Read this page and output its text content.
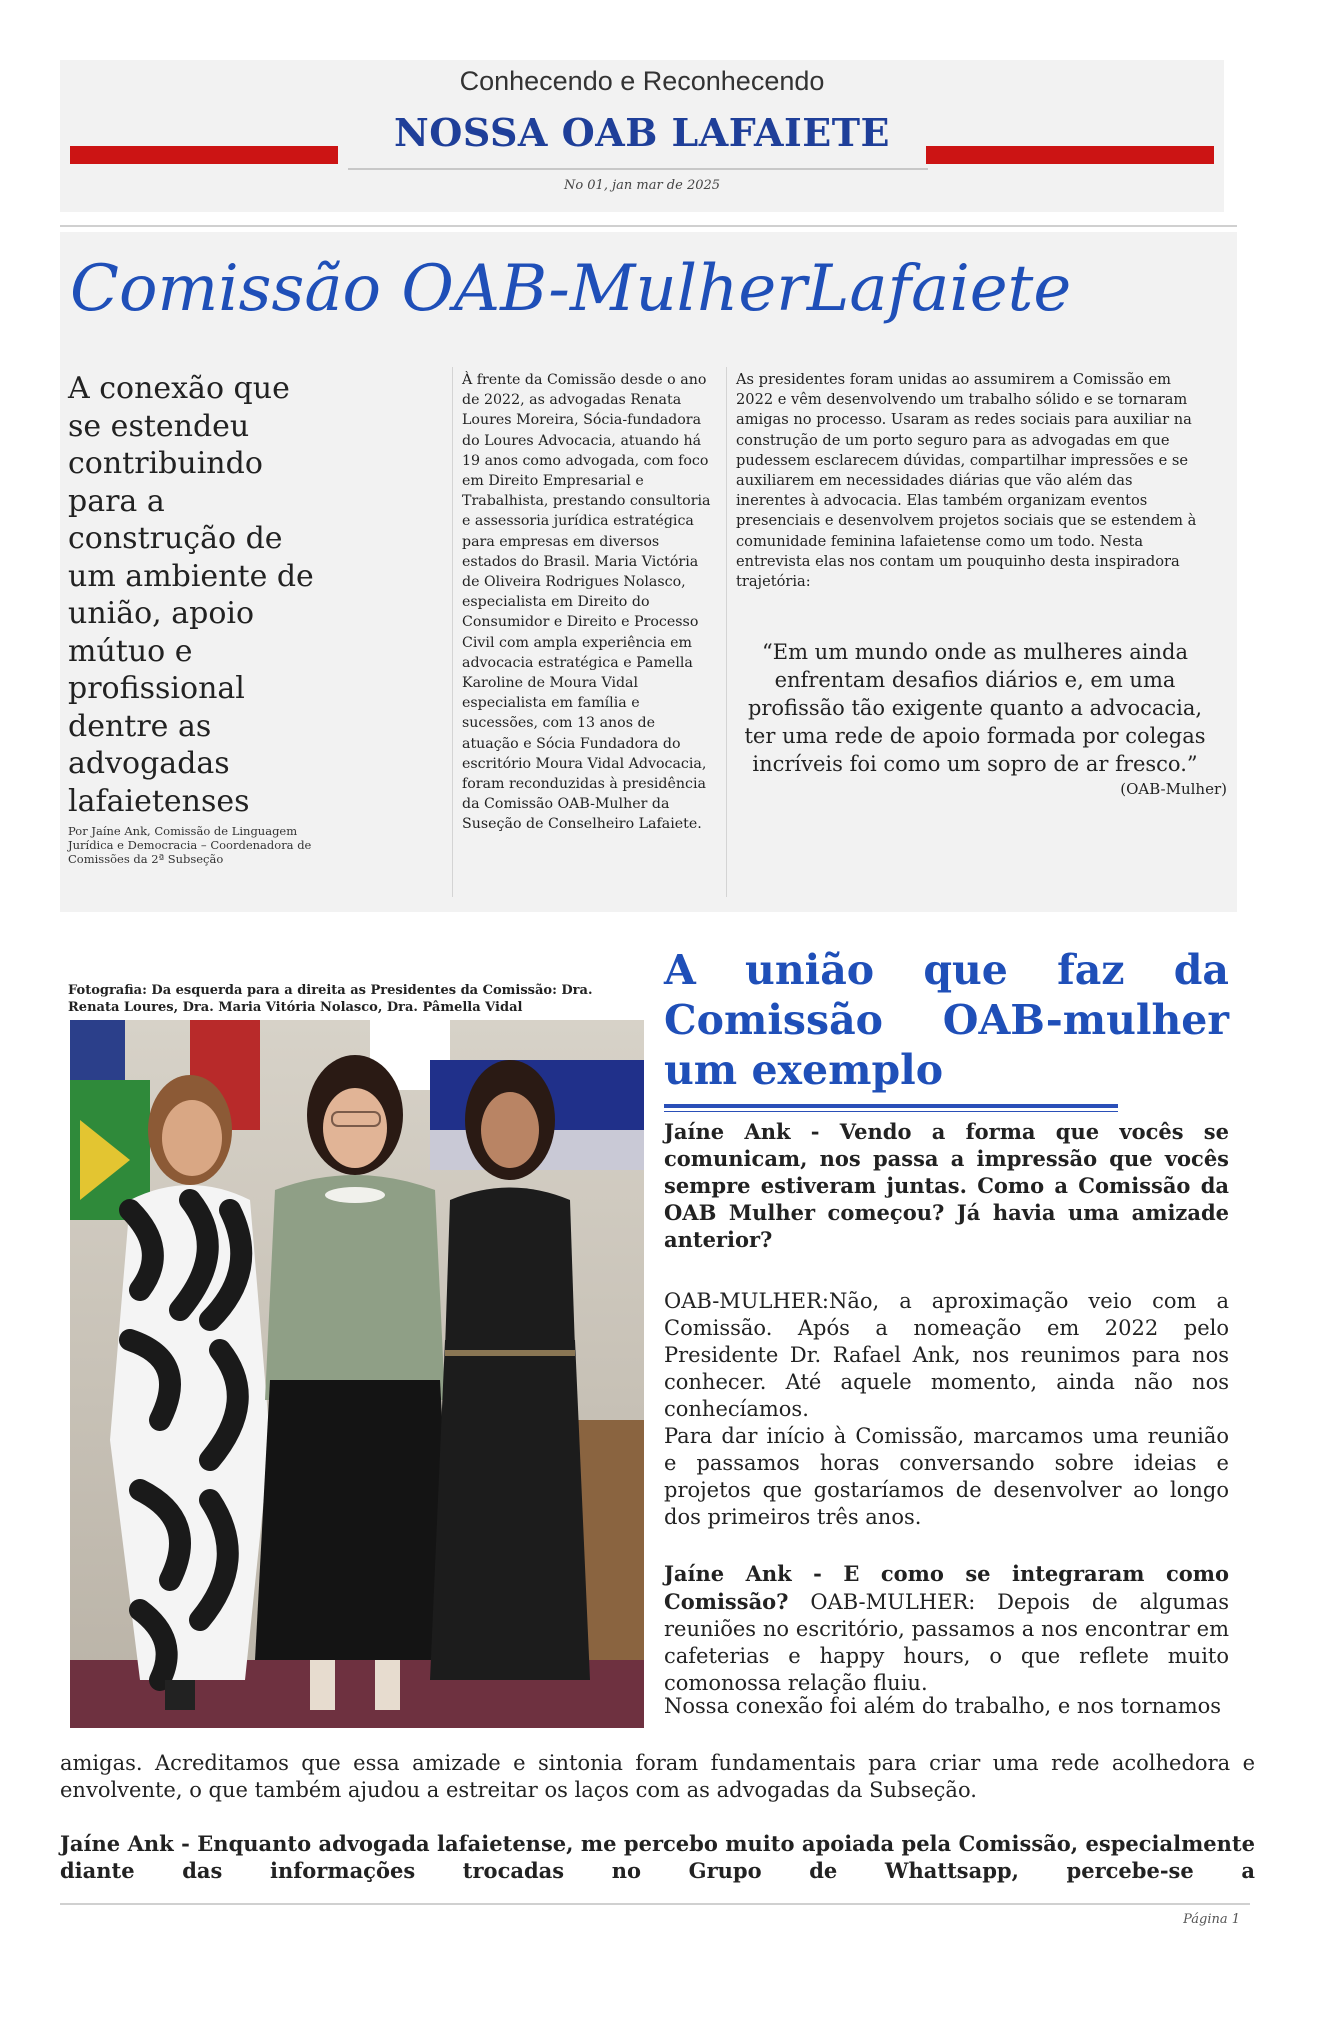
Conhecendo e Reconhecendo
NOSSA OAB LAFAIETE
No 01, jan mar de 2025
Comissão OAB-MulherLafaiete
A conexão que se estendeu contribuindo para a construção de um ambiente de união, apoio mútuo e profissional dentre as advogadas lafaietenses
Por Jaíne Ank, Comissão de Linguagem Jurídica e Democracia – Coordenadora de Comissões da 2ª Subseção
À frente da Comissão desde o ano de 2022, as advogadas Renata Loures Moreira, Sócia-fundadora do Loures Advocacia, atuando há 19 anos como advogada, com foco em Direito Empresarial e Trabalhista, prestando consultoria e assessoria jurídica estratégica para empresas em diversos estados do Brasil. Maria Victória de Oliveira Rodrigues Nolasco, especialista em Direito do Consumidor e Direito e Processo Civil com ampla experiência em advocacia estratégica e Pamella Karoline de Moura Vidal especialista em família e sucessões, com 13 anos de atuação e Sócia Fundadora do escritório Moura Vidal Advocacia, foram reconduzidas à presidência da Comissão OAB-Mulher da Suseção de Conselheiro Lafaiete.
As presidentes foram unidas ao assumirem a Comissão em 2022 e vêm desenvolvendo um trabalho sólido e se tornaram amigas no processo. Usaram as redes sociais para auxiliar na construção de um porto seguro para as advogadas em que pudessem esclarecem dúvidas, compartilhar impressões e se auxiliarem em necessidades diárias que vão além das inerentes à advocacia. Elas também organizam eventos presenciais e desenvolvem projetos sociais que se estendem à comunidade feminina lafaietense como um todo. Nesta entrevista elas nos contam um pouquinho desta inspiradora trajetória:
“Em um mundo onde as mulheres ainda enfrentam desafios diários e, em uma profissão tão exigente quanto a advocacia, ter uma rede de apoio formada por colegas incríveis foi como um sopro de ar fresco.”
(OAB-Mulher)
Fotografia: Da esquerda para a direita as Presidentes da Comissão: Dra. Renata Loures, Dra. Maria Vitória Nolasco, Dra. Pâmella Vidal
A união que faz da Comissão OAB-mulher
um exemplo
Jaíne Ank - Vendo a forma que vocês se comunicam, nos passa a impressão que vocês sempre estiveram juntas. Como a Comissão da OAB Mulher começou? Já havia uma amizade anterior?
OAB-MULHER:Não, a aproximação veio com a Comissão. Após a nomeação em 2022 pelo Presidente Dr. Rafael Ank, nos reunimos para nos conhecer. Até aquele momento, ainda não nos conhecíamos.
Para dar início à Comissão, marcamos uma reunião e passamos horas conversando sobre ideias e projetos que gostaríamos de desenvolver ao longo dos primeiros três anos.
Jaíne Ank - E como se integraram como Comissão? OAB-MULHER: Depois de algumas reuniões no escritório, passamos a nos encontrar em cafeterias e happy hours, o que reflete muito comonossa relação fluiu.
Nossa conexão foi além do trabalho, e nos tornamos
amigas. Acreditamos que essa amizade e sintonia foram fundamentais para criar uma rede acolhedora e envolvente, o que também ajudou a estreitar os laços com as advogadas da Subseção.
Jaíne Ank - Enquanto advogada lafaietense, me percebo muito apoiada pela Comissão, especialmente diante das informações trocadas no Grupo de Whattsapp, percebe-se a
Página 1
